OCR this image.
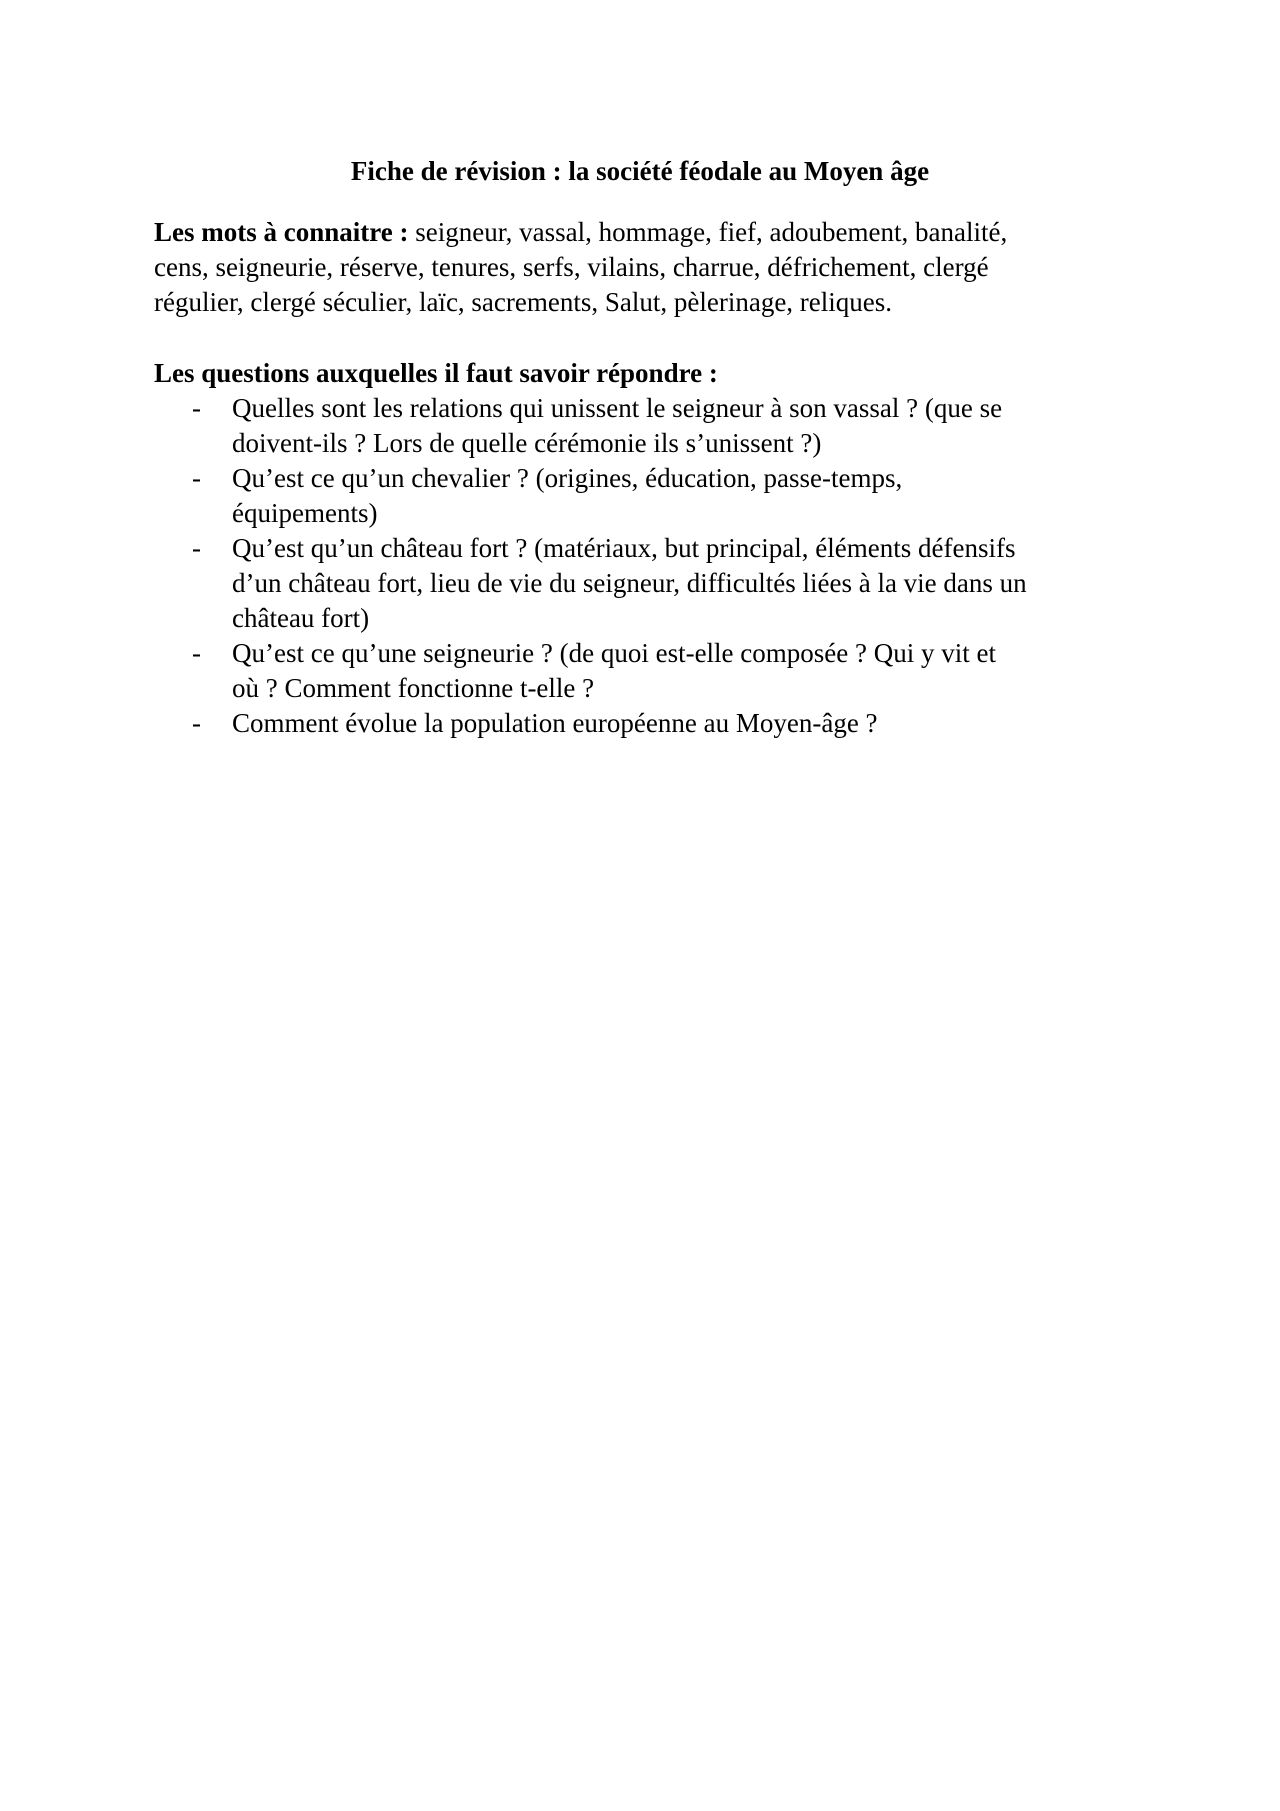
Fiche de révision : la société féodale au Moyen âge
Les mots à connaitre : seigneur, vassal, hommage, fief, adoubement, banalité,
cens, seigneurie, réserve, tenures, serfs, vilains, charrue, défrichement, clergé
régulier, clergé séculier, laïc, sacrements, Salut, pèlerinage, reliques.
Les questions auxquelles il faut savoir répondre :
- Quelles sont les relations qui unissent le seigneur à son vassal ? (que se
doivent-ils ? Lors de quelle cérémonie ils s’unissent ?)
- Qu’est ce qu’un chevalier ? (origines, éducation, passe-temps,
équipements)
- Qu’est qu’un château fort ? (matériaux, but principal, éléments défensifs
d’un château fort, lieu de vie du seigneur, difficultés liées à la vie dans un
château fort)
- Qu’est ce qu’une seigneurie ? (de quoi est-elle composée ? Qui y vit et
où ? Comment fonctionne t-elle ?
- Comment évolue la population européenne au Moyen-âge ?
